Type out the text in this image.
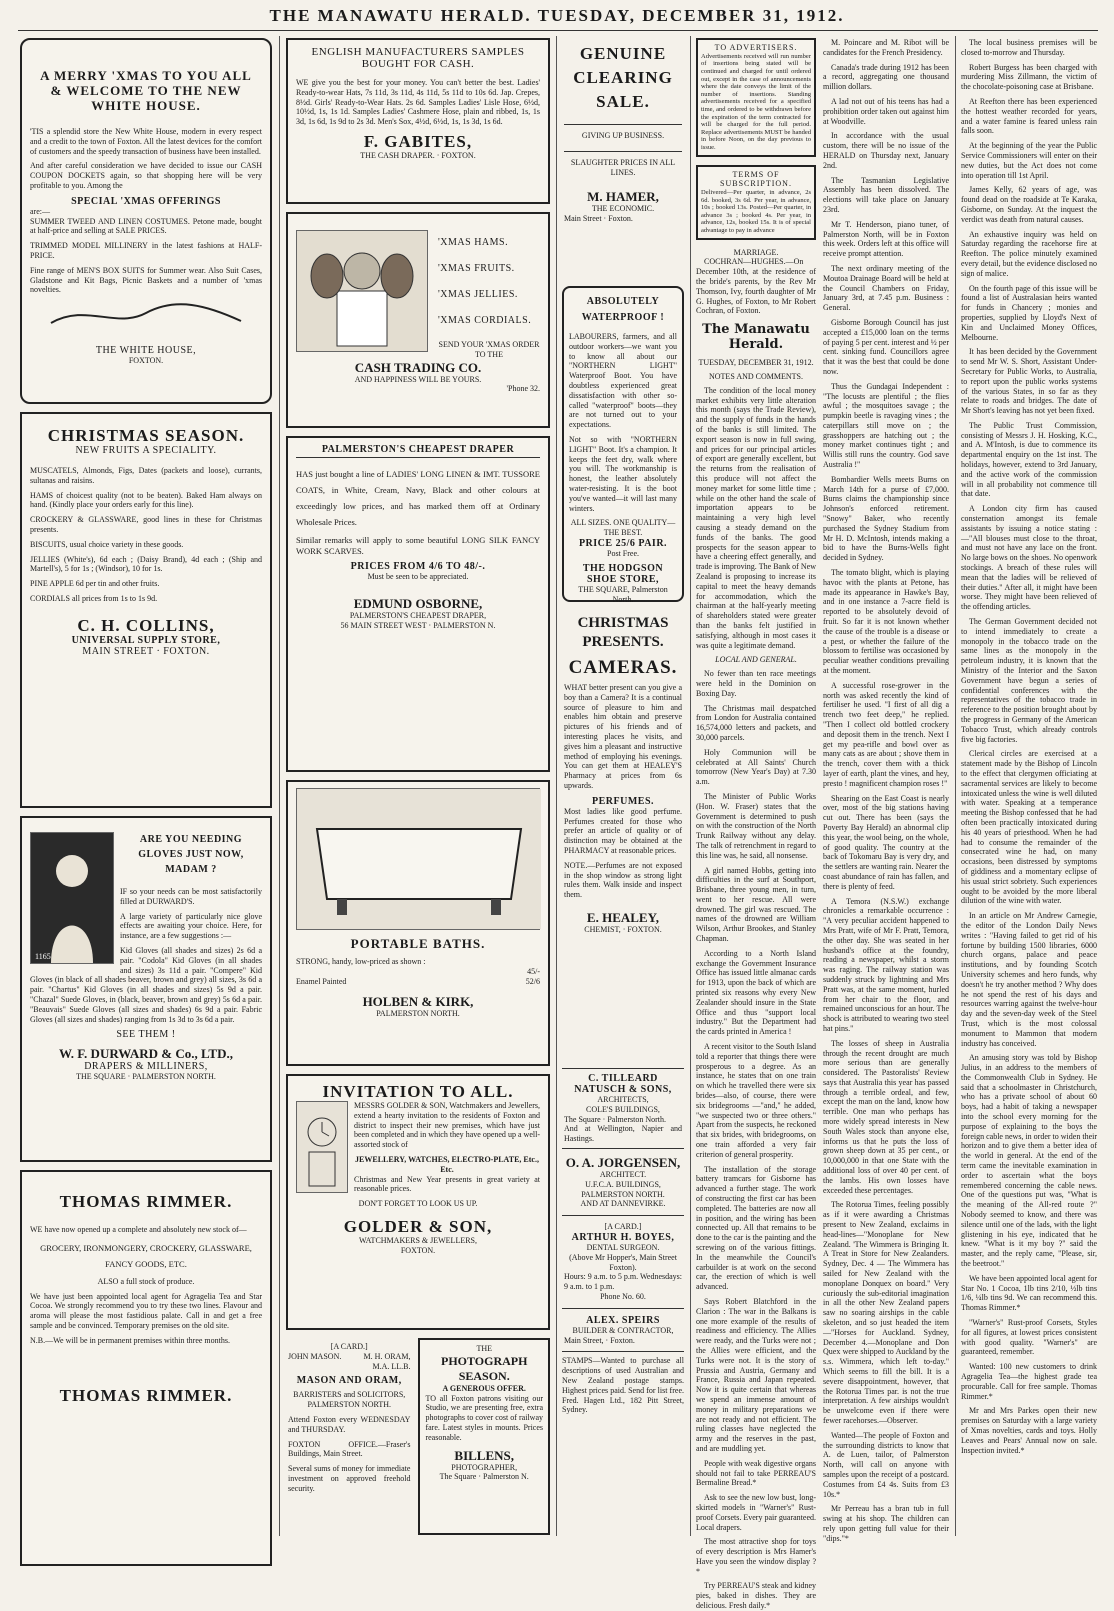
THE MANAWATU HERALD. TUESDAY, DECEMBER 31, 1912.
A MERRY 'XMAS TO YOU ALL & WELCOME TO THE NEW WHITE HOUSE.

'TIS a splendid store the New White House, modern in every respect and a credit to the town of Foxton. All the latest devices for the comfort of customers and the speedy transaction of business have been installed.

And after careful consideration we have decided to issue our CASH COUPON DOCKETS again, so that shopping here will be very profitable to you. Among the

SPECIAL 'XMAS OFFERINGS
are:—

SUMMER TWEED AND LINEN COSTUMES. Petone made, bought at half-price and selling at SALE PRICES.

TRIMMED MODEL MILLINERY in the latest fashions at HALF-PRICE.

Fine range of MEN'S BOX SUITS for Summer wear. Also Suit Cases, Gladstone and Kit Bags, Picnic Baskets and a number of 'xmas novelties.

THE WHITE HOUSE,
FOXTON.
CHRISTMAS SEASON.
NEW FRUITS A SPECIALITY.

MUSCATELS, Almonds, Figs, Dates (packets and loose), currants, sultanas and raisins.

HAMS of choicest quality (not to be beaten). Baked Ham always on hand. (Kindly place your orders early for this line).

CROCKERY & GLASSWARE, good lines in these for Christmas presents.

BISCUITS, usual choice variety in these goods.

JELLIES (White's), 6d each ; (Daisy Brand), 4d each ; (Ship and Martell's), 5 for 1s ; (Windsor), 10 for 1s.

PINE APPLE 6d per tin and other fruits.

CORDIALS all prices from 1s to 1s 9d.

C. H. COLLINS,
UNIVERSAL SUPPLY STORE,
MAIN STREET · FOXTON.
1165
ARE YOU NEEDING GLOVES JUST NOW, MADAM ?

IF so your needs can be most satisfactorily filled at DURWARD'S.

A large variety of particularly nice glove effects are awaiting your choice. Here, for instance, are a few suggestions :—

Kid Gloves (all shades and sizes) 2s 6d a pair. "Codola" Kid Gloves (in all shades and sizes) 3s 11d a pair. "Compere" Kid Gloves (in black of all shades beaver, brown and grey) all sizes, 3s 6d a pair. "Chartus" Kid Gloves (in all shades and sizes) 5s 9d a pair. "Chazal" Suede Gloves, in (black, beaver, brown and grey) 5s 6d a pair. "Beauvais" Suede Gloves (all sizes and shades) 6s 9d a pair. Fabric Gloves (all sizes and shades) ranging from 1s 3d to 3s 6d a pair.

SEE THEM !
W. F. DURWARD & Co., LTD.,
DRAPERS & MILLINERS,
THE SQUARE · PALMERSTON NORTH.
THOMAS RIMMER.

WE have now opened up a complete and absolutely new stock of—

GROCERY, IRONMONGERY, CROCKERY, GLASSWARE, FANCY GOODS, ETC.

ALSO a full stock of produce.

We have just been appointed local agent for Agragelia Tea and Star Cocoa. We strongly recommend you to try these two lines. Flavour and aroma will please the most fastidious palate. Call in and get a free sample and be convinced. Temporary premises on the old site.

N.B.—We will be in permanent premises within three months.

THOMAS RIMMER.
ENGLISH MANUFACTURERS SAMPLES BOUGHT FOR CASH.

WE give you the best for your money. You can't better the best. Ladies' Ready-to-wear Hats, 7s 11d, 3s 11d, 4s 11d, 5s 11d to 10s 6d. Jap. Crepes, 8½d. Girls' Ready-to-Wear Hats. 2s 6d. Samples Ladies' Lisle Hose, 6½d, 10½d, 1s, 1s 1d. Samples Ladies' Cashmere Hose, plain and ribbed, 1s, 1s 3d, 1s 6d, 1s 9d to 2s 3d. Men's Sox, 4½d, 6½d, 1s, 1s 3d, 1s 6d.

F. GABITES,
THE CASH DRAPER. · FOXTON.
'XMAS HAMS.
'XMAS FRUITS.
'XMAS JELLIES.
'XMAS CORDIALS.
SEND YOUR 'XMAS ORDER TO THE
CASH TRADING CO.
AND HAPPINESS WILL BE YOURS.
'Phone 32.
PALMERSTON'S CHEAPEST DRAPER

HAS just bought a line of LADIES' LONG LINEN & IMT. TUSSORE COATS, in White, Cream, Navy, Black and other colours at exceedingly low prices, and has marked them off at Ordinary Wholesale Prices.

Similar remarks will apply to some beautiful LONG SILK FANCY WORK SCARVES.

PRICES FROM 4/6 TO 48/-.
Must be seen to be appreciated.
EDMUND OSBORNE,
PALMERSTON'S CHEAPEST DRAPER,
56 MAIN STREET WEST · PALMERSTON N.
PORTABLE BATHS.
STRONG, handy, low-priced as shown :
45/-
Enamel Painted	52/6
HOLBEN & KIRK,
PALMERSTON NORTH.
INVITATION TO ALL.

MESSRS GOLDER & SON, Watchmakers and Jewellers, extend a hearty invitation to the residents of Foxton and district to inspect their new premises, which have just been completed and in which they have opened up a well-assorted stock of

JEWELLERY, WATCHES, ELECTRO-PLATE, Etc., Etc.

Christmas and New Year presents in great variety at reasonable prices.

DON'T FORGET TO LOOK US UP.
GOLDER & SON,
WATCHMAKERS & JEWELLERS,
FOXTON.
[A CARD.]
JOHN MASON.	M. H. ORAM, M.A. LL.B.
MASON AND ORAM,

BARRISTERS and SOLICITORS, PALMERSTON NORTH.

Attend Foxton every WEDNESDAY and THURSDAY.

FOXTON OFFICE.—Fraser's Buildings, Main Street.

Several sums of money for immediate investment on approved freehold security.

THE
PHOTOGRAPH SEASON.
A GENEROUS OFFER.

TO all Foxton patrons visiting our Studio, we are presenting free, extra photographs to cover cost of railway fare. Latest styles in mounts. Prices reasonable.

BILLENS,
PHOTOGRAPHER,
The Square · Palmerston N.
GENUINE CLEARING SALE.
GIVING UP BUSINESS.
SLAUGHTER PRICES IN ALL LINES.
M. HAMER,
THE ECONOMIC.
Main Street · Foxton.
ABSOLUTELY WATERPROOF !

LABOURERS, farmers, and all outdoor workers—we want you to know all about our "NORTHERN LIGHT" Waterproof Boot. You have doubtless experienced great dissatisfaction with other so-called "waterproof" boots—they are not turned out to your expectations.

Not so with "NORTHERN LIGHT" Boot. It's a champion. It keeps the feet dry, walk where you will. The workmanship is honest, the leather absolutely water-resisting. It is the boot you've wanted—it will last many winters.

ALL SIZES. ONE QUALITY—THE BEST.
PRICE 25/6 PAIR.
Post Free.
THE HODGSON SHOE STORE,
THE SQUARE, Palmerston North.
CHRISTMAS PRESENTS.
CAMERAS.

WHAT better present can you give a boy than a Camera? It is a continual source of pleasure to him and enables him obtain and preserve pictures of his friends and of interesting places he visits, and gives him a pleasant and instructive method of employing his evenings. You can get them at HEALEY'S Pharmacy at prices from 6s upwards.

PERFUMES.

Most ladies like good perfume. Perfumes created for those who prefer an article of quality or of distinction may be obtained at the PHARMACY at reasonable prices.

NOTE.—Perfumes are not exposed in the shop window as strong light rules them. Walk inside and inspect them.

E. HEALEY,
CHEMIST, · FOXTON.
C. TILLEARD NATUSCH & SONS,
ARCHITECTS,
COLE'S BUILDINGS,
The Square · Palmerston North.
And at Wellington, Napier and Hastings.
O. A. JORGENSEN,
ARCHITECT.
U.F.C.A. BUILDINGS, PALMERSTON NORTH.
AND AT DANNEVIRKE.
[A CARD.]
ARTHUR H. BOYES,
DENTAL SURGEON.
(Above Mr Hopper's, Main Street Foxton).
Hours: 9 a.m. to 5 p.m. Wednesdays: 9 a.m. to 1 p.m.
Phone No. 60.
ALEX. SPEIRS
BUILDER & CONTRACTOR,
Main Street, · Foxton.

STAMPS—Wanted to purchase all descriptions of used Australian and New Zealand postage stamps. Highest prices paid. Send for list free. Fred. Hagen Ltd., 182 Pitt Street, Sydney.

TO ADVERTISERS.
Advertisements received will run number of insertions being stated will be continued and charged for until ordered out, except in the case of announcements where the date conveys the limit of the number of insertions. Standing advertisements received for a specified time, and ordered to be withdrawn before the expiration of the term contracted for will be charged for the full period. Replace advertisements MUST be handed in before Noon, on the day previous to issue.
TERMS OF SUBSCRIPTION.
Delivered—Per quarter, in advance, 2s 6d. booked, 3s 6d. Per year, in advance, 10s ; booked 13s. Posted—Per quarter, in advance 3s ; booked 4s. Per year, in advance, 12s, booked 15s. It is of special advantage to pay in advance
MARRIAGE.

COCHRAN—HUGHES.—On December 10th, at the residence of the bride's parents, by the Rev Mr Thomson, Ivy, fourth daughter of Mr G. Hughes, of Foxton, to Mr Robert Cochran, of Foxton.

The Manawatu Herald.
TUESDAY, DECEMBER 31, 1912.
NOTES AND COMMENTS.

The condition of the local money market exhibits very little alteration this month (says the Trade Review), and the supply of funds in the hands of the banks is still limited. The export season is now in full swing, and prices for our principal articles of export are generally excellent, but the returns from the realisation of this produce will not affect the money market for some little time ; while on the other hand the scale of importation appears to be maintaining a very high level causing a steady demand on the funds of the banks. The good prospects for the season appear to have a cheering effect generally, and trade is improving. The Bank of New Zealand is proposing to increase its capital to meet the heavy demands for accommodation, which the chairman at the half-yearly meeting of shareholders stated were greater than the banks felt justified in satisfying, although in most cases it was quite a legitimate demand.

LOCAL AND GENERAL.

No fewer than ten race meetings were held in the Dominion on Boxing Day.

The Christmas mail despatched from London for Australia contained 16,574,000 letters and packets, and 30,000 parcels.

Holy Communion will be celebrated at All Saints' Church tomorrow (New Year's Day) at 7.30 a.m.

The Minister of Public Works (Hon. W. Fraser) states that the Government is determined to push on with the construction of the North Trunk Railway without any delay. The talk of retrenchment in regard to this line was, he said, all nonsense.

A girl named Hobbs, getting into difficulties in the surf at Southport, Brisbane, three young men, in turn, went to her rescue. All were drowned. The girl was rescued. The names of the drowned are William Wilson, Arthur Brookes, and Stanley Chapman.

According to a North Island exchange the Government Insurance Office has issued little almanac cards for 1913, upon the back of which are printed six reasons why every New Zealander should insure in the State Office and thus "support local industry." But the Department had the cards printed in America !

A recent visitor to the South Island told a reporter that things there were prosperous to a degree. As an instance, he states that on one train on which he travelled there were six brides—also, of course, there were six bridegrooms —"and," he added, "we suspected two or three others." Apart from the suspects, he reckoned that six brides, with bridegrooms, on one train afforded a very fair criterion of general prosperity.

The installation of the storage battery tramcars for Gisborne has advanced a further stage. The work of constructing the first car has been completed. The batteries are now all in position, and the wiring has been connected up. All that remains to be done to the car is the painting and the screwing on of the various fittings. In the meanwhile the Council's carbuilder is at work on the second car, the erection of which is well advanced.

Says Robert Blatchford in the Clarion : The war in the Balkans is one more example of the results of readiness and efficiency. The Allies were ready, and the Turks were not ; the Allies were efficient, and the Turks were not. It is the story of Prussia and Austria, Germany and France, Russia and Japan repeated. Now it is quite certain that whereas we spend an immense amount of money in military preparations we are not ready and not efficient. The ruling classes have neglected the army and the reserves in the past, and are muddling yet.

People with weak digestive organs should not fail to take PERREAU'S Bermaline Bread.*

Ask to see the new low bust, long-skirted models in "Warner's" Rust-proof Corsets. Every pair guaranteed. Local drapers.

The most attractive shop for toys of every description is Mrs Hamer's Have you seen the window display ?*

Try PERREAU'S steak and kidney pies, baked in dishes. They are delicious. Fresh daily.*

M. Poincare and M. Ribot will be candidates for the French Presidency.

Canada's trade during 1912 has been a record, aggregating one thousand million dollars.

A lad not out of his teens has had a prohibition order taken out against him at Woodville.

In accordance with the usual custom, there will be no issue of the HERALD on Thursday next, January 2nd.

The Tasmanian Legislative Assembly has been dissolved. The elections will take place on January 23rd.

Mr T. Henderson, piano tuner, of Palmerston North, will be in Foxton this week. Orders left at this office will receive prompt attention.

The next ordinary meeting of the Moutoa Drainage Board will be held at the Council Chambers on Friday, January 3rd, at 7.45 p.m. Business : General.

Gisborne Borough Council has just accepted a £15,000 loan on the terms of paying 5 per cent. interest and ½ per cent. sinking fund. Councillors agree that it was the best that could be done now.

Thus the Gundagai Independent : "The locusts are plentiful ; the flies awful ; the mosquitoes savage ; the pumpkin beetle is ravaging vines ; the caterpillars still move on ; the grasshoppers are hatching out ; the money market continues tight ; and Willis still runs the country. God save Australia !"

Bombardier Wells meets Burns on March 14th for a purse of £7,000. Burns claims the championship since Johnson's enforced retirement. "Snowy" Baker, who recently purchased the Sydney Stadium from Mr H. D. McIntosh, intends making a bid to have the Burns-Wells fight decided in Sydney.

The tomato blight, which is playing havoc with the plants at Petone, has made its appearance in Hawke's Bay, and in one instance a 7-acre field is reported to be absolutely devoid of fruit. So far it is not known whether the cause of the trouble is a disease or a pest, or whether the failure of the blossom to fertilise was occasioned by peculiar weather conditions prevailing at the moment.

A successful rose-grower in the north was asked recently the kind of fertiliser he used. "I first of all dig a trench two feet deep," he replied. "Then I collect old bottled crockery and deposit them in the trench. Next I get my pea-rifle and bowl over as many cats as are about ; shove them in the trench, cover them with a thick layer of earth, plant the vines, and hey, presto ! magnificent champion roses !"

Shearing on the East Coast is nearly over, most of the big stations having cut out. There has been (says the Poverty Bay Herald) an abnormal clip this year, the wool being, on the whole, of good quality. The country at the back of Tokomaru Bay is very dry, and the settlers are wanting rain. Nearer the coast abundance of rain has fallen, and there is plenty of feed.

A Temora (N.S.W.) exchange chronicles a remarkable occurrence : "A very peculiar accident happened to Mrs Pratt, wife of Mr F. Pratt, Temora, the other day. She was seated in her husband's office at the foundry, reading a newspaper, whilst a storm was raging. The railway station was suddenly struck by lightning and Mrs Pratt was, at the same moment, hurled from her chair to the floor, and remained unconscious for an hour. The shock is attributed to wearing two steel hat pins."

The losses of sheep in Australia through the recent drought are much more serious than are generally considered. The Pastoralists' Review says that Australia this year has passed through a terrible ordeal, and few, except the man on the land, know how terrible. One man who perhaps has more widely spread interests in New South Wales stock than anyone else, informs us that he puts the loss of grown sheep down at 35 per cent., or 10,000,000 in that one State with the additional loss of over 40 per cent. of the lambs. His own losses have exceeded these percentages.

The Rotorua Times, feeling possibly as if it were awarding a Christmas present to New Zealand, exclaims in head-lines—"Monoplane for New Zealand. 'The Wimmera is Bringing It. A Treat in Store for New Zealanders. Sydney, Dec. 4 — The Wimmera has sailed for New Zealand with the monoplane Donquex on board." Very curiously the sub-editorial imagination in all the other New Zealand papers saw no soaring airships in the cable skeleton, and so just headed the item—"Horses for Auckland. Sydney, December 4.—Monoplane and Don Quex were shipped to Auckland by the s.s. Wimmera, which left to-day." Which seems to fill the bill. It is a severe disappointment, however, that the Rotorua Times par. is not the true interpretation. A few airships wouldn't be unwelcome even if there were fewer racehorses.—Observer.

Wanted—The people of Foxton and the surrounding districts to know that A. de Luen, tailor, of Palmerston North, will call on anyone with samples upon the receipt of a postcard. Costumes from £4 4s. Suits from £3 10s.*

Mr Perreau has a bran tub in full swing at his shop. The children can rely upon getting full value for their "dips."*

The local business premises will be closed to-morrow and Thursday.

Robert Burgess has been charged with murdering Miss Zillmann, the victim of the chocolate-poisoning case at Brisbane.

At Reefton there has been experienced the hottest weather recorded for years, and a water famine is feared unless rain falls soon.

At the beginning of the year the Public Service Commissioners will enter on their new duties, but the Act does not come into operation till 1st April.

James Kelly, 62 years of age, was found dead on the roadside at Te Karaka, Gisborne, on Sunday. At the inquest the verdict was death from natural causes.

An exhaustive inquiry was held on Saturday regarding the racehorse fire at Reefton. The police minutely examined every detail, but the evidence disclosed no sign of malice.

On the fourth page of this issue will be found a list of Australasian heirs wanted for funds in Chancery ; monies and properties, supplied by Lloyd's Next of Kin and Unclaimed Money Offices, Melbourne.

It has been decided by the Government to send Mr W. S. Short, Assistant Under-Secretary for Public Works, to Australia, to report upon the public works systems of the various States, in so far as they relate to roads and bridges. The date of Mr Short's leaving has not yet been fixed.

The Public Trust Commission, consisting of Messrs J. H. Hosking, K.C., and A. M'Intosh, is due to commence its departmental enquiry on the 1st inst. The holidays, however, extend to 3rd January, and the active work of the commission will in all probability not commence till that date.

A London city firm has caused consternation amongst its female assistants by issuing a notice stating :—"All blouses must close to the throat, and must not have any lace on the front. No large bows on the shoes. No openwork stockings. A breach of these rules will mean that the ladies will be relieved of their duties." After all, it might have been worse. They might have been relieved of the offending articles.

The German Government decided not to intend immediately to create a monopoly in the tobacco trade on the same lines as the monopoly in the petroleum industry, it is known that the Ministry of the Interior and the Saxon Government have begun a series of confidential conferences with the representatives of the tobacco trade in reference to the position brought about by the progress in Germany of the American Tobacco Trust, which already controls five big factories.

Clerical circles are exercised at a statement made by the Bishop of Lincoln to the effect that clergymen officiating at sacramental services are likely to become intoxicated unless the wine is well diluted with water. Speaking at a temperance meeting the Bishop confessed that he had often been practically intoxicated during his 40 years of priesthood. When he had had to consume the remainder of the consecrated wine he had, on many occasions, been distressed by symptoms of giddiness and a momentary eclipse of his usual strict sobriety. Such experiences ought to be avoided by the more liberal dilution of the wine with water.

In an article on Mr Andrew Carnegie, the editor of the London Daily News writes : "Having failed to get rid of his fortune by building 1500 libraries, 6000 church organs, palace and peace institutions, and by founding Scotch University schemes and hero funds, why doesn't he try another method ? Why does he not spend the rest of his days and resources warring against the twelve-hour day and the seven-day week of the Steel Trust, which is the most colossal monument to Mammon that modern industry has conceived.

An amusing story was told by Bishop Julius, in an address to the members of the Commonwealth Club in Sydney. He said that a schoolmaster in Christchurch, who has a private school of about 60 boys, had a habit of taking a newspaper into the school every morning for the purpose of explaining to the boys the foreign cable news, in order to widen their horizon and to give them a better idea of the world in general. At the end of the term came the inevitable examination in order to ascertain what the boys remembered concerning the cable news. One of the questions put was, "What is the meaning of the All-red route ?" Nobody seemed to know, and there was silence until one of the lads, with the light glistening in his eye, indicated that he knew. "What is it my boy ?" said the master, and the reply came, "Please, sir, the beetroot."

We have been appointed local agent for Star No. 1 Cocoa, 1lb tins 2/10, ½lb tins 1/6, ¼lb tins 9d. We can recommend this. Thomas Rimmer.*

"Warner's" Rust-proof Corsets, Styles for all figures, at lowest prices consistent with good quality. "Warner's" are guaranteed, remember.

Wanted: 100 new customers to drink Agragelia Tea—the highest grade tea procurable. Call for free sample. Thomas Rimmer.*

Mr and Mrs Parkes open their new premises on Saturday with a large variety of Xmas novelties, cards and toys. Holly Leaves and Pears' Annual now on sale. Inspection invited.*
